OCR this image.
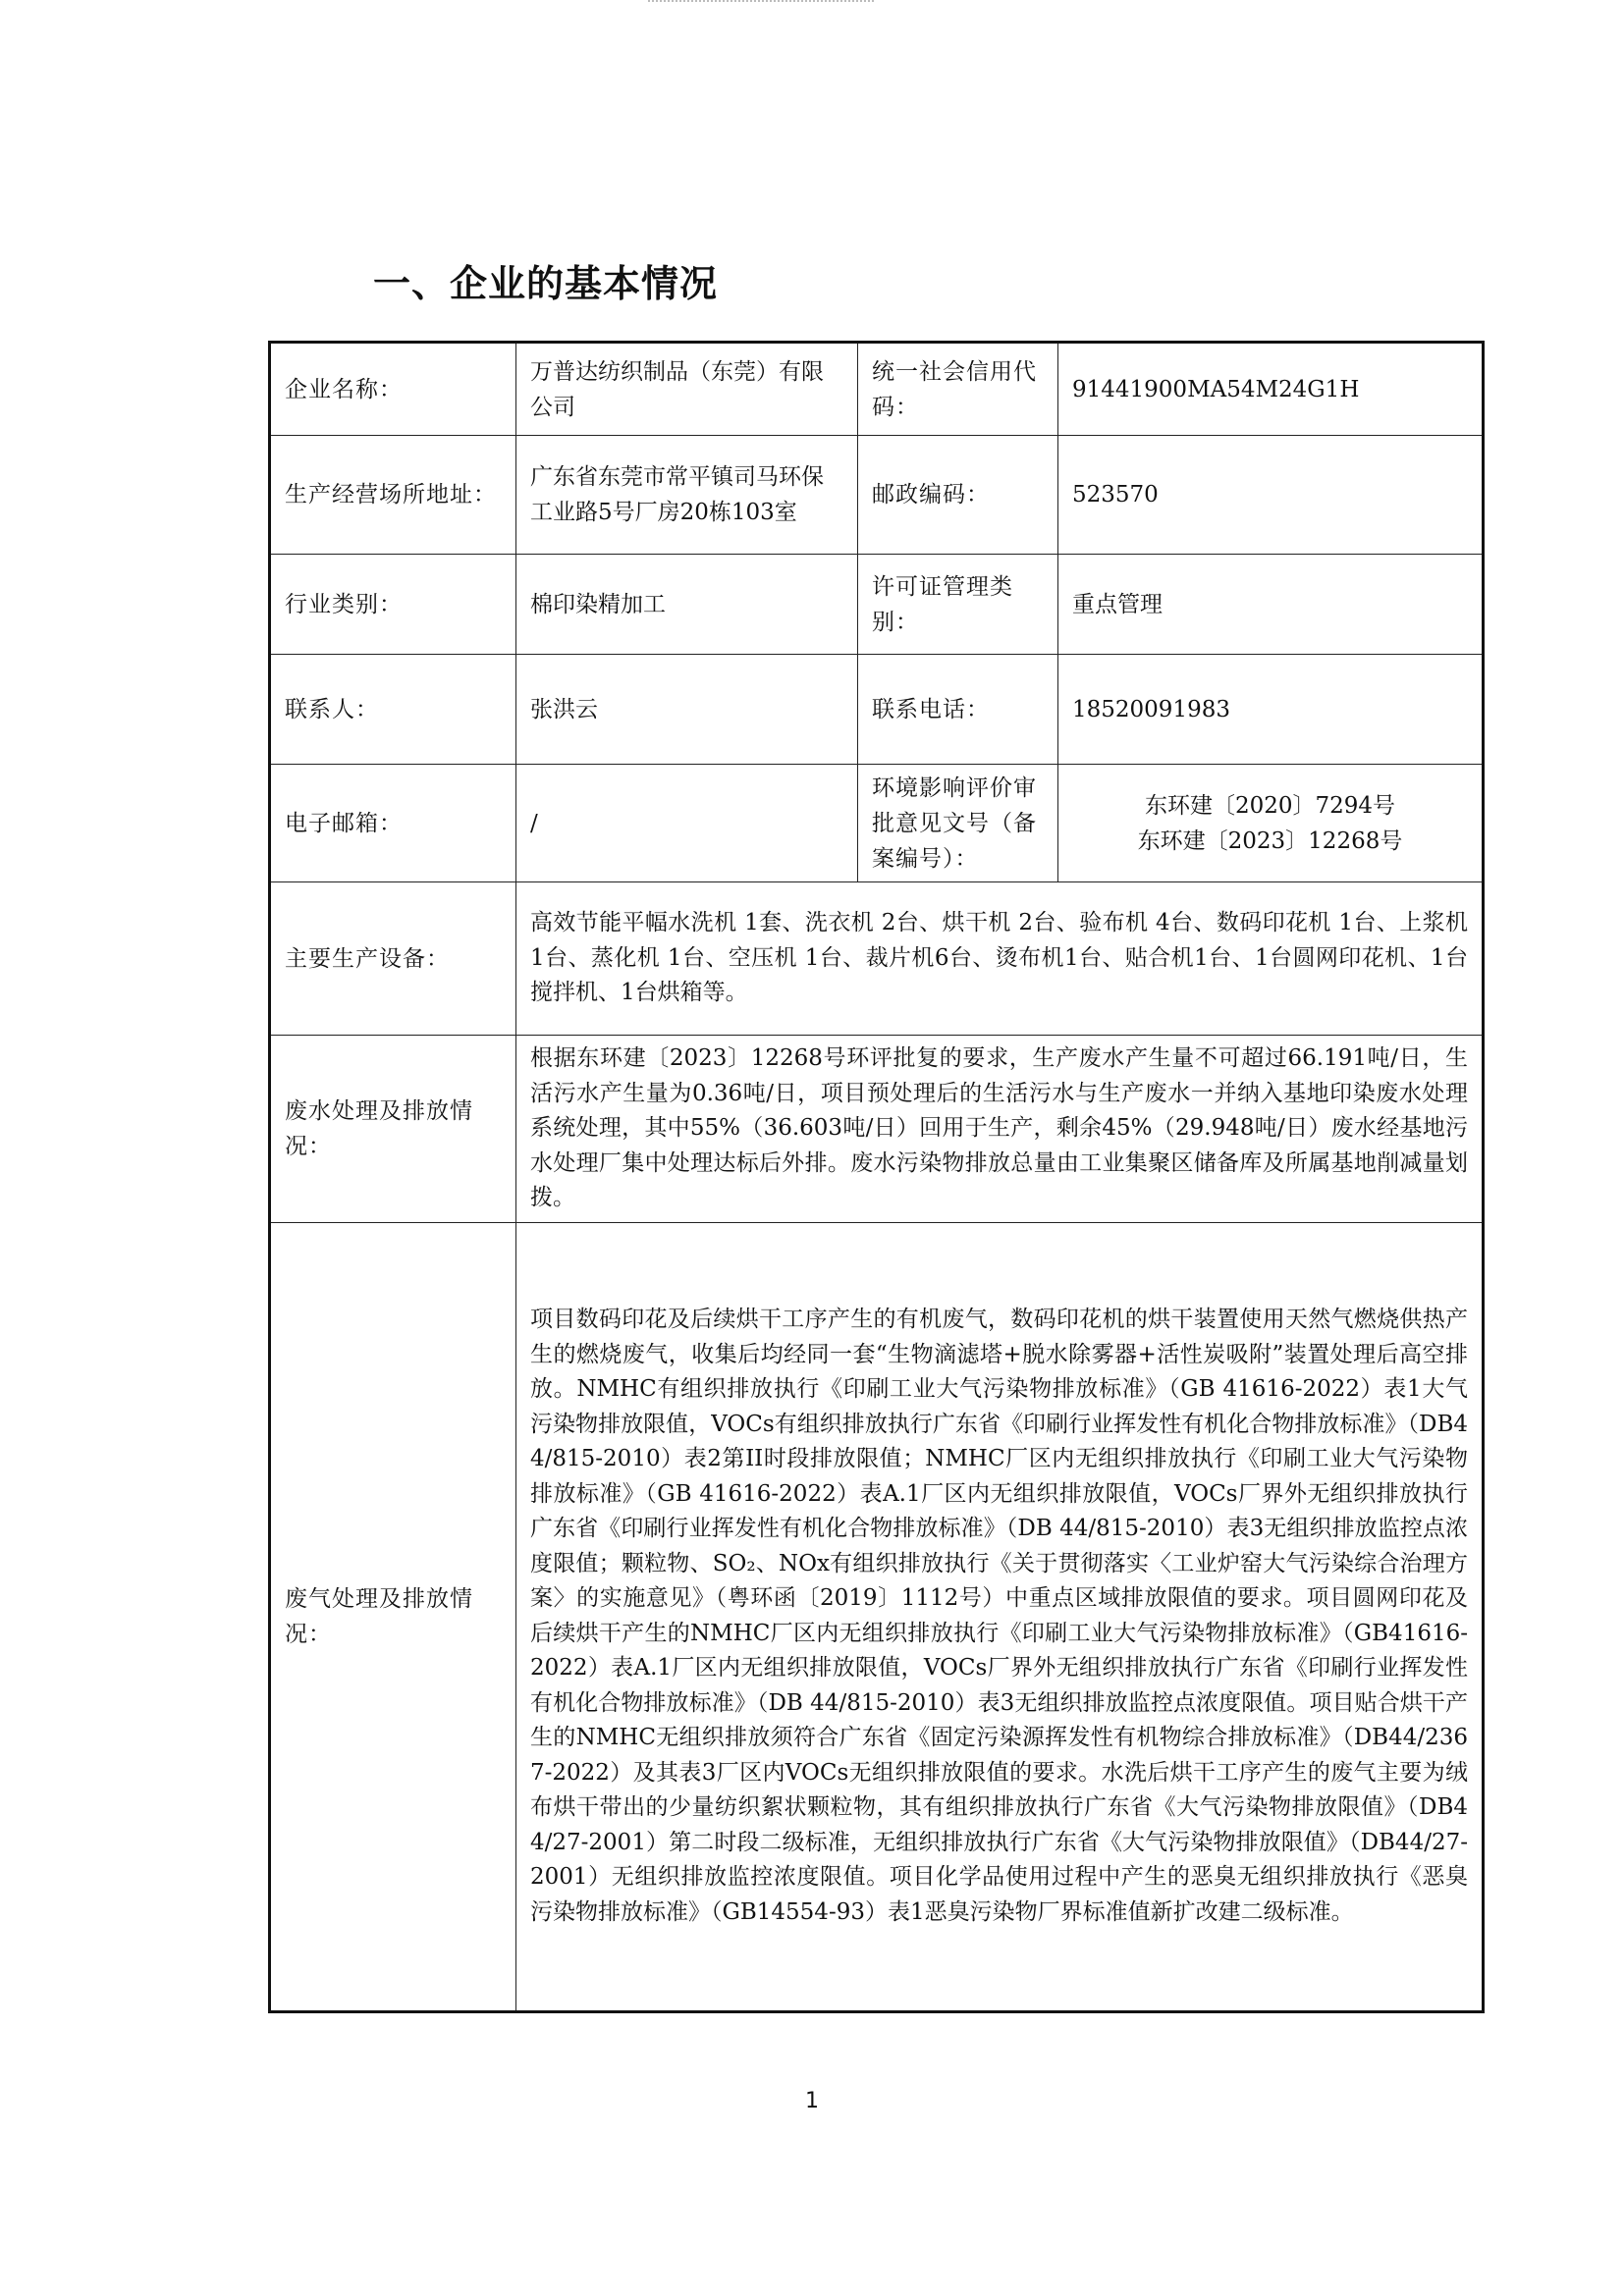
一、企业的基本情况
企业名称：	万普达纺织制品（东莞）有限公司	统一社会信用代码：	91441900MA54M24G1H
生产经营场所地址：	广东省东莞市常平镇司马环保工业路5号厂房20栋103室	邮政编码：	523570
行业类别：	棉印染精加工	许可证管理类别：	重点管理
联系人：	张洪云	联系电话：	18520091983
电子邮箱：	/	环境影响评价审批意见文号（备案编号）：	东环建〔2020〕7294号
东环建〔2023〕12268号

主要生产设备：	高效节能平幅水洗机 1套、洗衣机 2台、烘干机 2台、验布机 4台、数码印花机 1台、上浆机 1台、蒸化机 1台、空压机 1台、裁片机6台、烫布机1台、贴合机1台、1台圆网印花机、1台搅拌机、1台烘箱等。		
废水处理及排放情况：	根据东环建〔2023〕12268号环评批复的要求，生产废水产生量不可超过66.191吨/日，生活污水产生量为0.36吨/日，项目预处理后的生活污水与生产废水一并纳入基地印染废水处理系统处理，其中55%（36.603吨/日）回用于生产，剩余45%（29.948吨/日）废水经基地污水处理厂集中处理达标后外排。废水污染物排放总量由工业集聚区储备库及所属基地削减量划拨。		
废气处理及排放情况：	项目数码印花及后续烘干工序产生的有机废气，数码印花机的烘干装置使用天然气燃烧供热产生的燃烧废气，收集后均经同一套“生物滴滤塔+脱水除雾器+活性炭吸附”装置处理后高空排放。NMHC有组织排放执行《印刷工业大气污染物排放标准》（GB 41616-2022）表1大气污染物排放限值，VOCs有组织排放执行广东省《印刷行业挥发性有机化合物排放标准》（DB44/815-2010）表2第II时段排放限值；NMHC厂区内无组织排放执行《印刷工业大气污染物排放标准》（GB 41616-2022）表A.1厂区内无组织排放限值，VOCs厂界外无组织排放执行广东省《印刷行业挥发性有机化合物排放标准》（DB 44/815-2010）表3无组织排放监控点浓度限值；颗粒物、SO₂、NOx有组织排放执行《关于贯彻落实〈工业炉窑大气污染综合治理方案〉的实施意见》（粤环函〔2019〕1112号）中重点区域排放限值的要求。项目圆网印花及后续烘干产生的NMHC厂区内无组织排放执行《印刷工业大气污染物排放标准》（GB41616-2022）表A.1厂区内无组织排放限值，VOCs厂界外无组织排放执行广东省《印刷行业挥发性有机化合物排放标准》（DB 44/815-2010）表3无组织排放监控点浓度限值。项目贴合烘干产生的NMHC无组织排放须符合广东省《固定污染源挥发性有机物综合排放标准》（DB44/2367-2022）及其表3厂区内VOCs无组织排放限值的要求。水洗后烘干工序产生的废气主要为绒布烘干带出的少量纺织絮状颗粒物，其有组织排放执行广东省《大气污染物排放限值》（DB44/27-2001）第二时段二级标准，无组织排放执行广东省《大气污染物排放限值》（DB44/27-2001）无组织排放监控浓度限值。项目化学品使用过程中产生的恶臭无组织排放执行《恶臭污染物排放标准》（GB14554-93）表1恶臭污染物厂界标准值新扩改建二级标准。		
1
